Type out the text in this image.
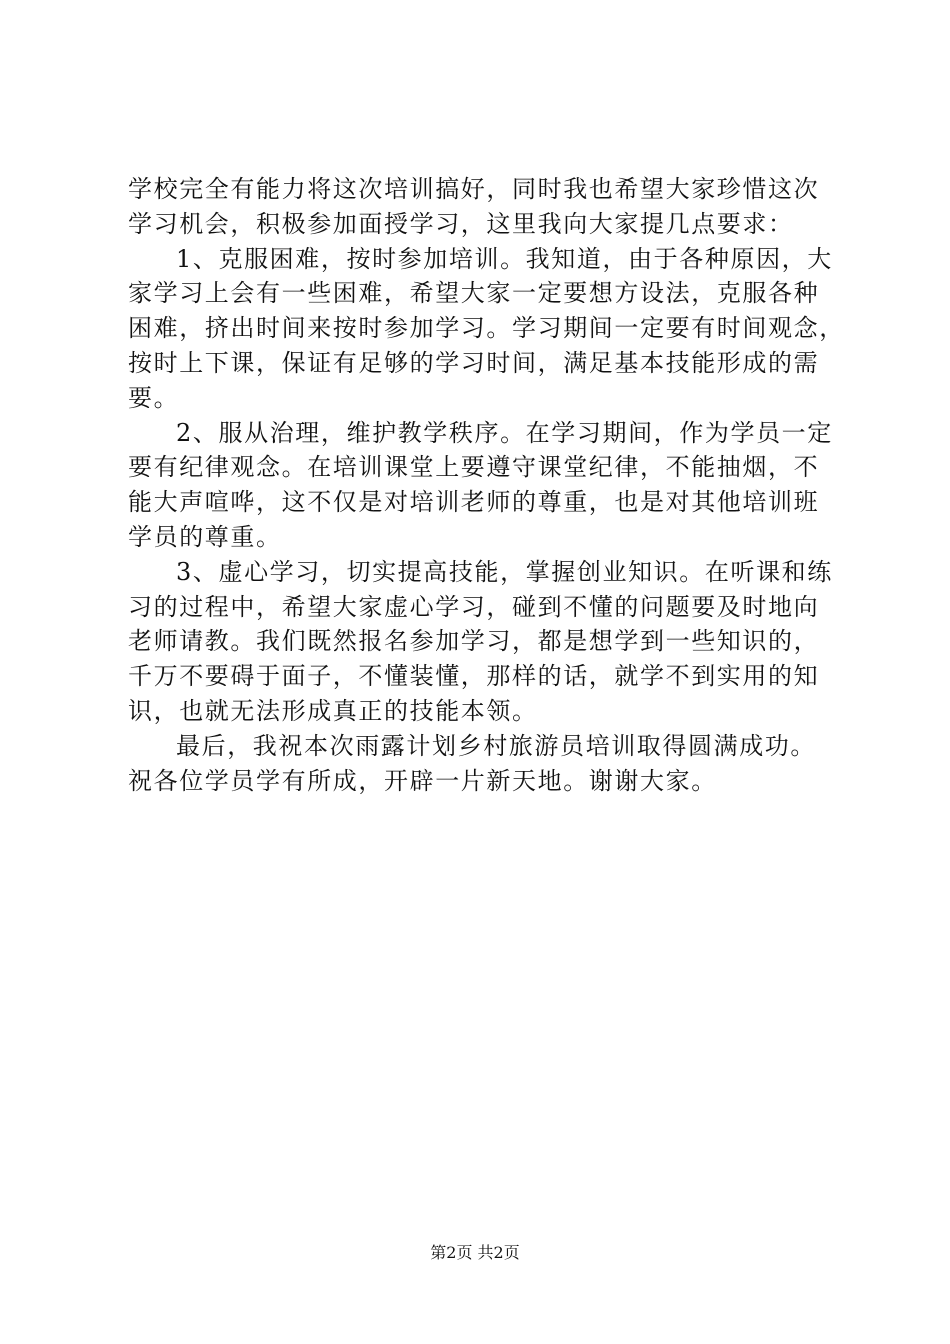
学校完全有能力将这次培训搞好，同时我也希望大家珍惜这次
学习机会，积极参加面授学习，这里我向大家提几点要求：
1、克服困难，按时参加培训。我知道，由于各种原因，大
家学习上会有一些困难，希望大家一定要想方设法，克服各种
困难，挤出时间来按时参加学习。学习期间一定要有时间观念，
按时上下课，保证有足够的学习时间，满足基本技能形成的需
要。
2、服从治理，维护教学秩序。在学习期间，作为学员一定
要有纪律观念。在培训课堂上要遵守课堂纪律，不能抽烟，不
能大声喧哗，这不仅是对培训老师的尊重，也是对其他培训班
学员的尊重。
3、虚心学习，切实提高技能，掌握创业知识。在听课和练
习的过程中，希望大家虚心学习，碰到不懂的问题要及时地向
老师请教。我们既然报名参加学习，都是想学到一些知识的，
千万不要碍于面子，不懂装懂，那样的话，就学不到实用的知
识，也就无法形成真正的技能本领。
最后，我祝本次雨露计划乡村旅游员培训取得圆满成功。
祝各位学员学有所成，开辟一片新天地。谢谢大家。
第2页 共2页
